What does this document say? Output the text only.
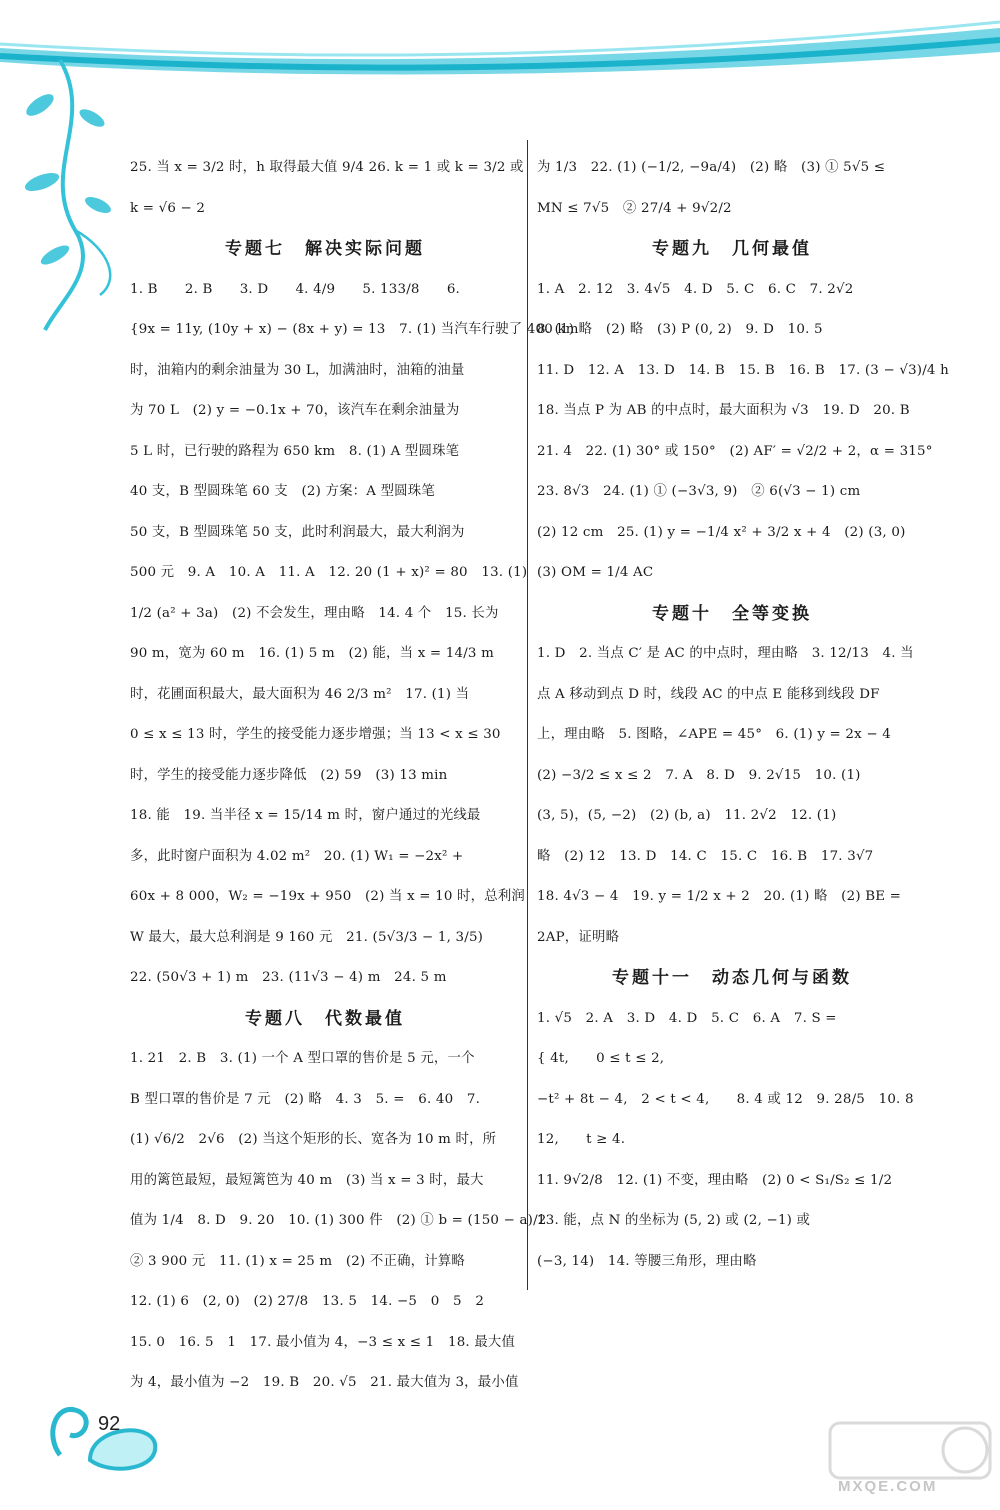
25. 当 x = 3/2 时，h 取得最大值 9/4 26. k = 1 或 k = 3/2 或
k = √6 − 2
专题七　解决实际问题
1. B　　2. B　　3. D　　4. 4/9　　5. 133/8　　6.
{9x = 11y, (10y + x) − (8x + y) = 13　7. (1) 当汽车行驶了 400 km
时，油箱内的剩余油量为 30 L，加满油时，油箱的油量
为 70 L　(2) y = −0.1x + 70，该汽车在剩余油量为
5 L 时，已行驶的路程为 650 km　8. (1) A 型圆珠笔
40 支，B 型圆珠笔 60 支　(2) 方案：A 型圆珠笔
50 支，B 型圆珠笔 50 支，此时利润最大，最大利润为
500 元　9. A　10. A　11. A　12. 20 (1 + x)² = 80　13. (1)
1/2 (a² + 3a)　(2) 不会发生，理由略　14. 4 个　15. 长为
90 m，宽为 60 m　16. (1) 5 m　(2) 能，当 x = 14/3 m
时，花圃面积最大，最大面积为 46 2/3 m²　17. (1) 当
0 ≤ x ≤ 13 时，学生的接受能力逐步增强；当 13 < x ≤ 30
时，学生的接受能力逐步降低　(2) 59　(3) 13 min
18. 能　19. 当半径 x = 15/14 m 时，窗户通过的光线最
多，此时窗户面积为 4.02 m²　20. (1) W₁ = −2x² +
60x + 8 000，W₂ = −19x + 950　(2) 当 x = 10 时，总利润
W 最大，最大总利润是 9 160 元　21. (5√3/3 − 1, 3/5)
22. (50√3 + 1) m　23. (11√3 − 4) m　24. 5 m
专题八　代数最值
1. 21　2. B　3. (1) 一个 A 型口罩的售价是 5 元，一个
B 型口罩的售价是 7 元　(2) 略　4. 3　5. =　6. 40　7.
(1) √6/2　2√6　(2) 当这个矩形的长、宽各为 10 m 时，所
用的篱笆最短，最短篱笆为 40 m　(3) 当 x = 3 时，最大
值为 1/4　8. D　9. 20　10. (1) 300 件　(2) ① b = (150 − a)/2
② 3 900 元　11. (1) x = 25 m　(2) 不正确，计算略
12. (1) 6　(2, 0)　(2) 27/8　13. 5　14. −5　0　5　2
15. 0　16. 5　1　17. 最小值为 4，−3 ≤ x ≤ 1　18. 最大值
为 4，最小值为 −2　19. B　20. √5　21. 最大值为 3，最小值
为 1/3　22. (1) (−1/2, −9a/4)　(2) 略　(3) ① 5√5 ≤
MN ≤ 7√5　② 27/4 + 9√2/2
专题九　几何最值
1. A　2. 12　3. 4√5　4. D　5. C　6. C　7. 2√2
8. (1) 略　(2) 略　(3) P (0, 2)　9. D　10. 5
11. D　12. A　13. D　14. B　15. B　16. B　17. (3 − √3)/4 h
18. 当点 P 为 AB 的中点时，最大面积为 √3　19. D　20. B
21. 4　22. (1) 30° 或 150°　(2) AF′ = √2/2 + 2，α = 315°
23. 8√3　24. (1) ① (−3√3, 9)　② 6(√3 − 1) cm
(2) 12 cm　25. (1) y = −1/4 x² + 3/2 x + 4　(2) (3, 0)
(3) OM = 1/4 AC
专题十　全等变换
1. D　2. 当点 C′ 是 AC 的中点时，理由略　3. 12/13　4. 当
点 A 移动到点 D 时，线段 AC 的中点 E 能移到线段 DF
上，理由略　5. 图略，∠APE = 45°　6. (1) y = 2x − 4
(2) −3/2 ≤ x ≤ 2　7. A　8. D　9. 2√15　10. (1)
(3, 5)，(5, −2)　(2) (b, a)　11. 2√2　12. (1)
略　(2) 12　13. D　14. C　15. C　16. B　17. 3√7
18. 4√3 − 4　19. y = 1/2 x + 2　20. (1) 略　(2) BE =
2AP，证明略
专题十一　动态几何与函数
1. √5　2. A　3. D　4. D　5. C　6. A　7. S =
{ 4t,　　0 ≤ t ≤ 2,
−t² + 8t − 4,　2 < t < 4,　　8. 4 或 12　9. 28/5　10. 8
12,　　t ≥ 4.
11. 9√2/8　12. (1) 不变，理由略　(2) 0 < S₁/S₂ ≤ 1/2
13. 能，点 N 的坐标为 (5, 2) 或 (2, −1) 或
(−3, 14)　14. 等腰三角形，理由略
92
MXQE.COM
